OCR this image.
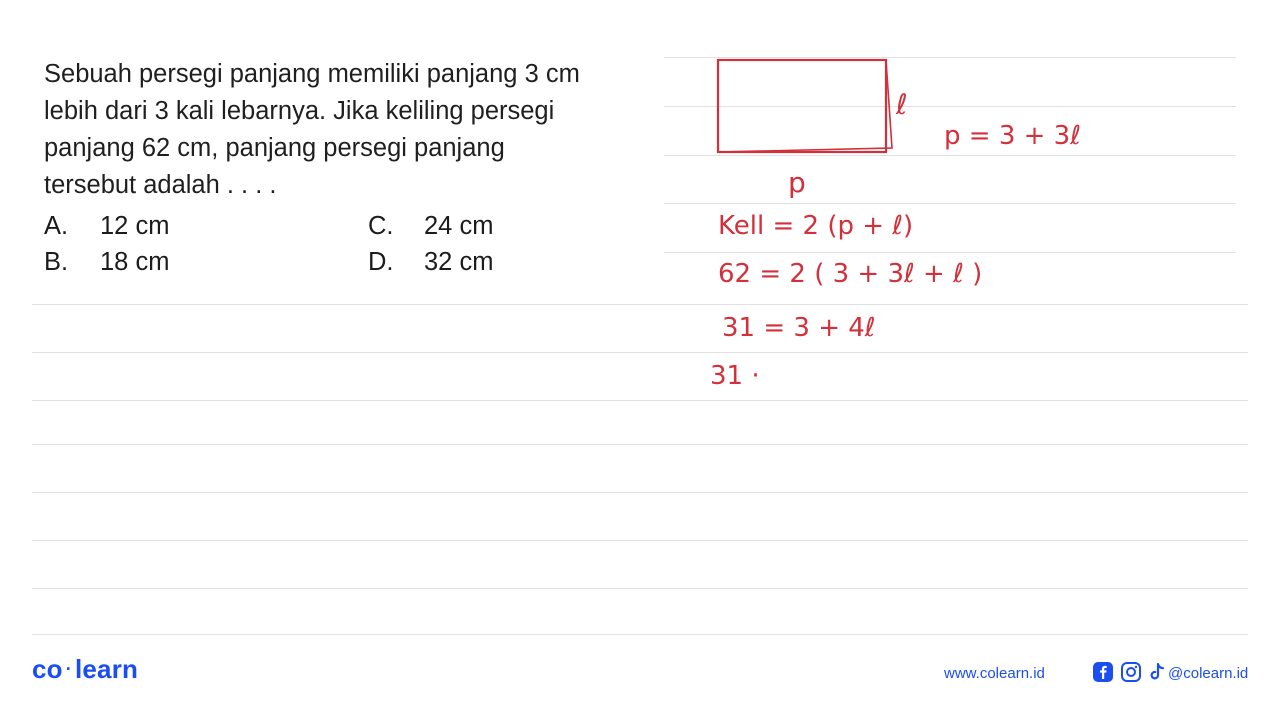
Sebuah persegi panjang memiliki panjang 3 cm
lebih dari 3 kali lebarnya. Jika keliling persegi
panjang 62 cm, panjang persegi panjang
tersebut adalah . . . .
A. 12 cm
B. 18 cm
C. 24 cm
D. 32 cm
ℓ
p
p = 3 + 3ℓ
Kell = 2 (p + ℓ)
62 = 2 ( 3 + 3ℓ + ℓ )
31 = 3 + 4ℓ
31 ·
co · learn	www.colearn.id	@colearn.id
